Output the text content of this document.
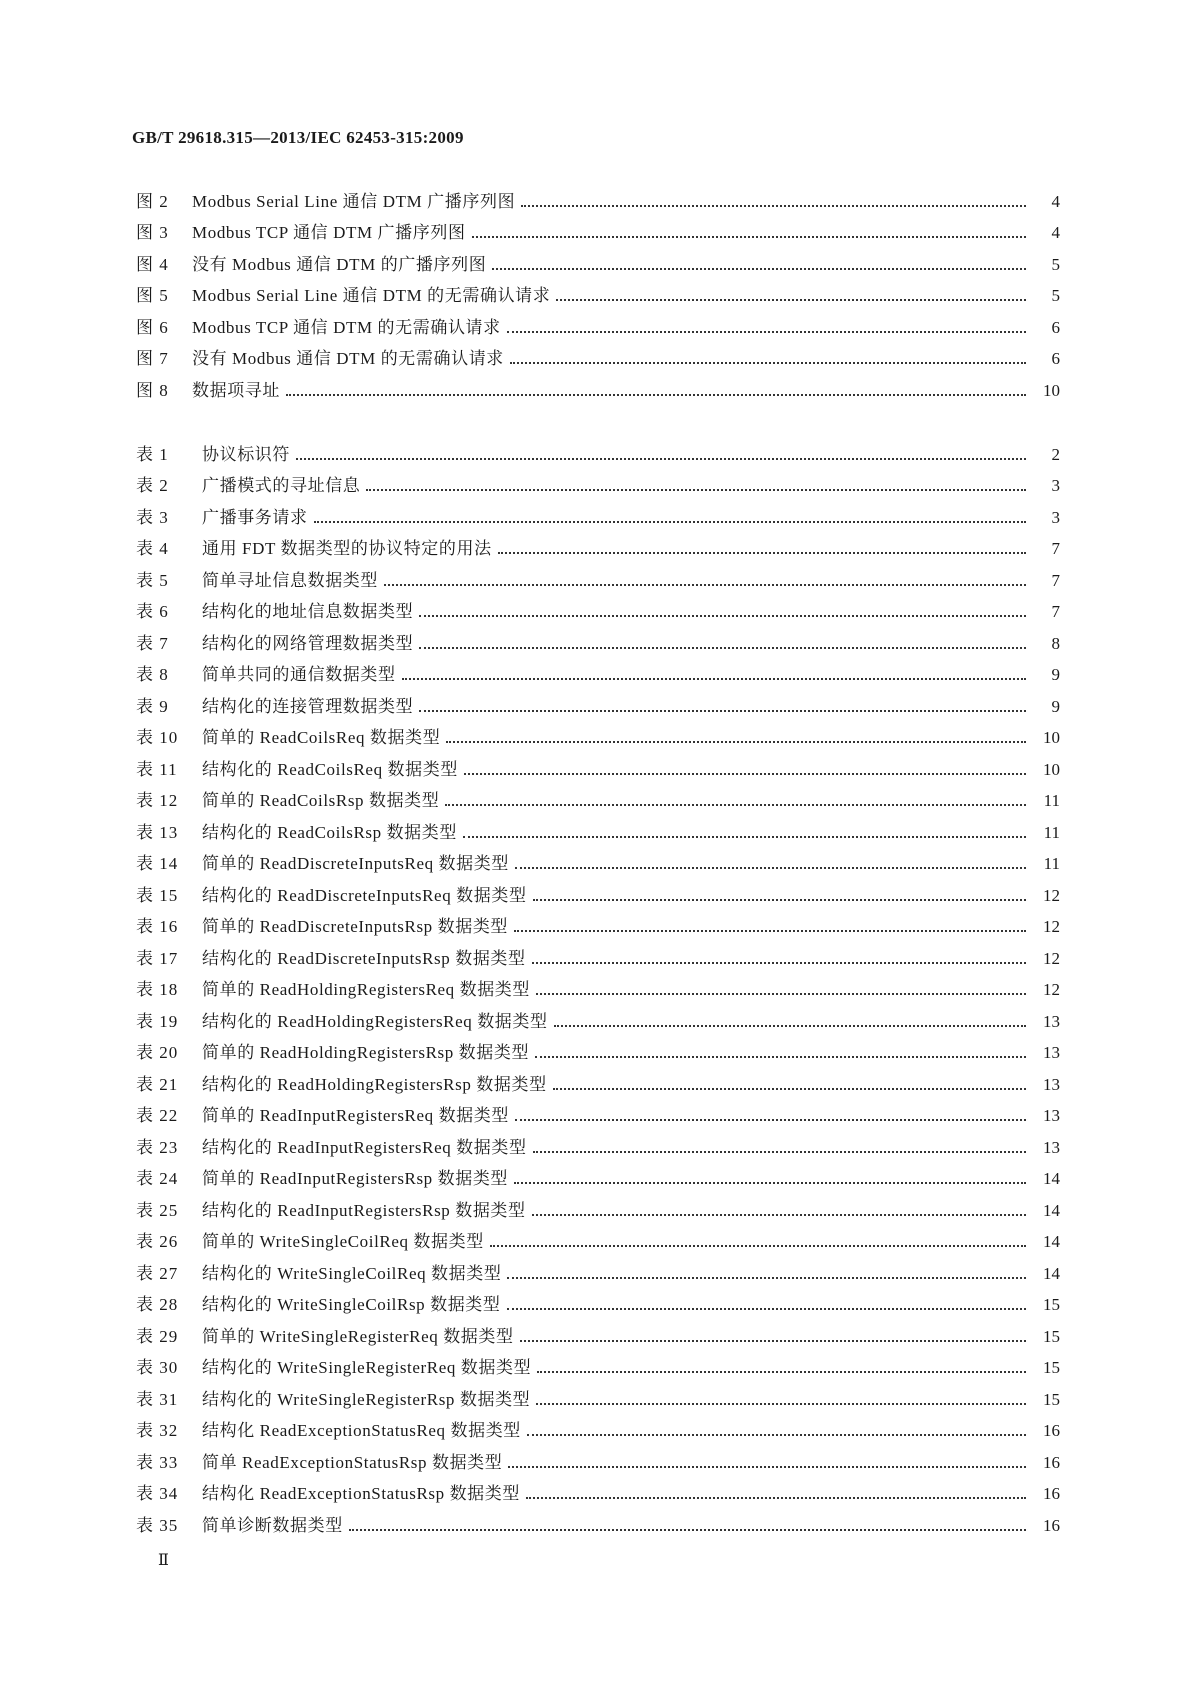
GB/T 29618.315—2013/IEC 62453-315:2009
图 2	Modbus Serial Line 通信 DTM 广播序列图	4
图 3	Modbus TCP 通信 DTM 广播序列图	4
图 4	没有 Modbus 通信 DTM 的广播序列图	5
图 5	Modbus Serial Line 通信 DTM 的无需确认请求	5
图 6	Modbus TCP 通信 DTM 的无需确认请求	6
图 7	没有 Modbus 通信 DTM 的无需确认请求	6
图 8	数据项寻址	10
表 1	协议标识符	2
表 2	广播模式的寻址信息	3
表 3	广播事务请求	3
表 4	通用 FDT 数据类型的协议特定的用法	7
表 5	简单寻址信息数据类型	7
表 6	结构化的地址信息数据类型	7
表 7	结构化的网络管理数据类型	8
表 8	简单共同的通信数据类型	9
表 9	结构化的连接管理数据类型	9
表 10	简单的 ReadCoilsReq 数据类型	10
表 11	结构化的 ReadCoilsReq 数据类型	10
表 12	简单的 ReadCoilsRsp 数据类型	11
表 13	结构化的 ReadCoilsRsp 数据类型	11
表 14	简单的 ReadDiscreteInputsReq 数据类型	11
表 15	结构化的 ReadDiscreteInputsReq 数据类型	12
表 16	简单的 ReadDiscreteInputsRsp 数据类型	12
表 17	结构化的 ReadDiscreteInputsRsp 数据类型	12
表 18	简单的 ReadHoldingRegistersReq 数据类型	12
表 19	结构化的 ReadHoldingRegistersReq 数据类型	13
表 20	简单的 ReadHoldingRegistersRsp 数据类型	13
表 21	结构化的 ReadHoldingRegistersRsp 数据类型	13
表 22	简单的 ReadInputRegistersReq 数据类型	13
表 23	结构化的 ReadInputRegistersReq 数据类型	13
表 24	简单的 ReadInputRegistersRsp 数据类型	14
表 25	结构化的 ReadInputRegistersRsp 数据类型	14
表 26	简单的 WriteSingleCoilReq 数据类型	14
表 27	结构化的 WriteSingleCoilReq 数据类型	14
表 28	结构化的 WriteSingleCoilRsp 数据类型	15
表 29	简单的 WriteSingleRegisterReq 数据类型	15
表 30	结构化的 WriteSingleRegisterReq 数据类型	15
表 31	结构化的 WriteSingleRegisterRsp 数据类型	15
表 32	结构化 ReadExceptionStatusReq 数据类型	16
表 33	简单 ReadExceptionStatusRsp 数据类型	16
表 34	结构化 ReadExceptionStatusRsp 数据类型	16
表 35	简单诊断数据类型	16
Ⅱ
